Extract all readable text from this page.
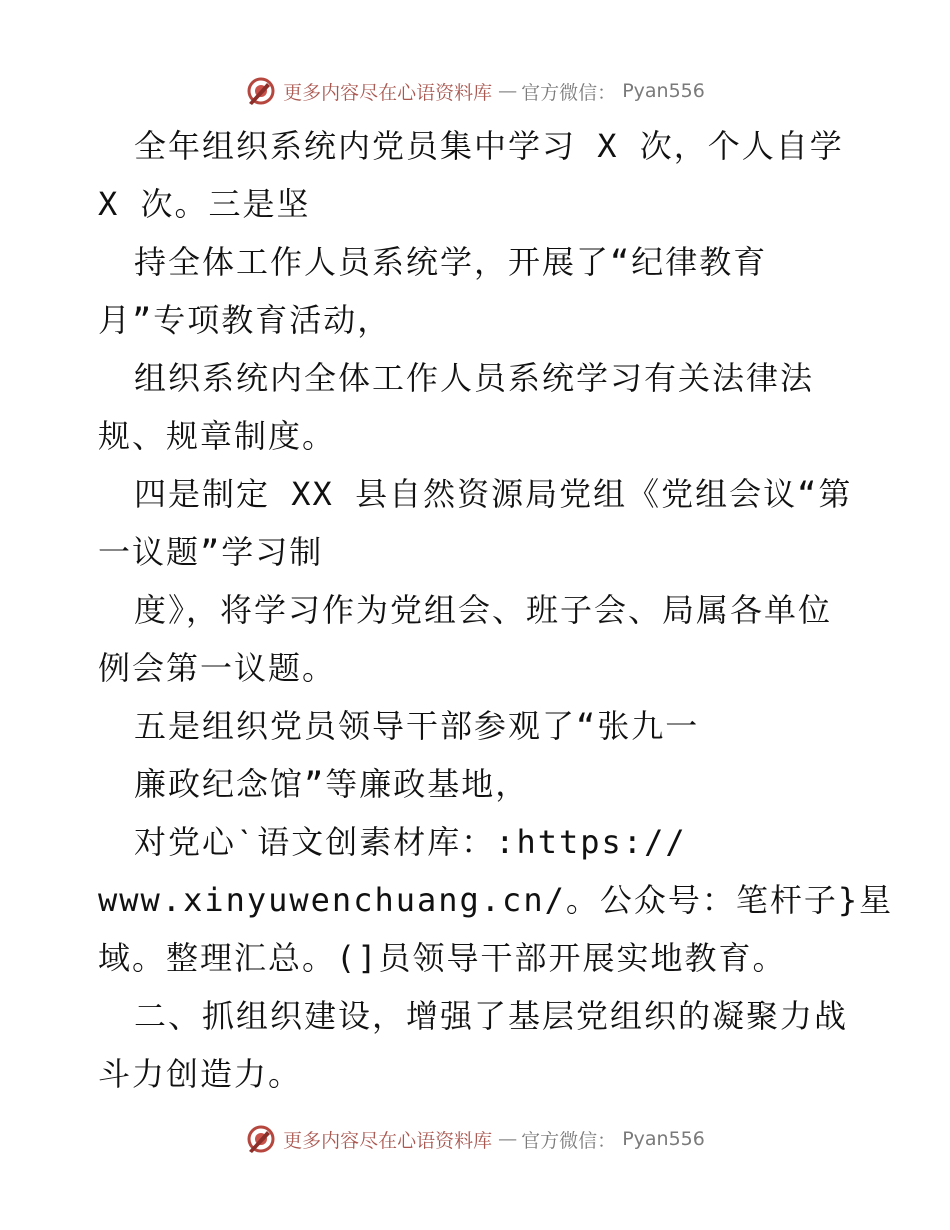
更多内容尽在心语资料库 — 官方微信： Pyan556
全年组织系统内党员集中学习 X 次，个人自学
X 次。三是坚
持全体工作人员系统学，开展了“纪律教育
月”专项教育活动，
组织系统内全体工作人员系统学习有关法律法
规、规章制度。
四是制定 XX 县自然资源局党组《党组会议“第
一议题”学习制
度》，将学习作为党组会、班子会、局属各单位
例会第一议题。
五是组织党员领导干部参观了“张九一
廉政纪念馆”等廉政基地，
对党心ˋ语文创素材库：:https://
www.xinyuwenchuang.cn/。公众号：笔杆子}星
域。整理汇总。(]员领导干部开展实地教育。
二、抓组织建设，增强了基层党组织的凝聚力战
斗力创造力。
更多内容尽在心语资料库 — 官方微信： Pyan556
